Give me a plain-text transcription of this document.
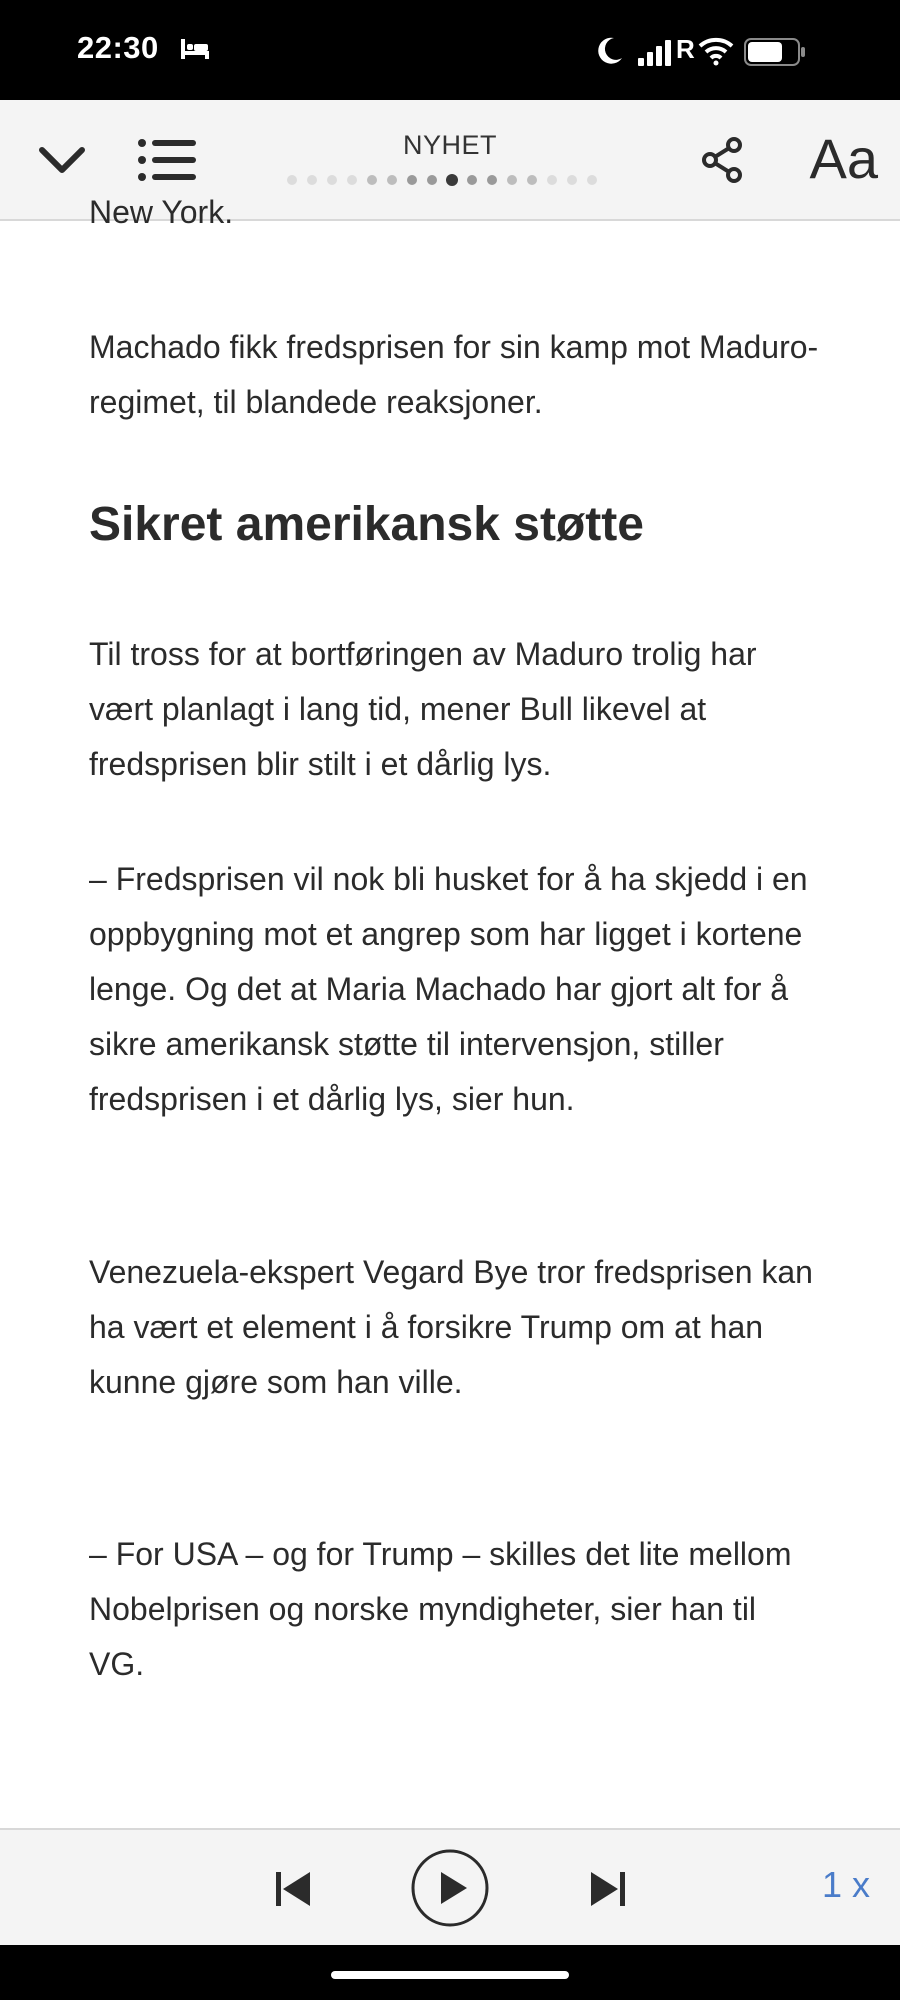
22:30	R
NYHET	Aa

New York.

Machado fikk fredsprisen for sin kamp mot Maduro-regimet, til blandede reaksjoner.

Sikret amerikansk støtte

Til tross for at bortføringen av Maduro trolig har vært planlagt i lang tid, mener Bull likevel at fredsprisen blir stilt i et dårlig lys.

– Fredsprisen vil nok bli husket for å ha skjedd i en oppbygning mot et angrep som har ligget i kortene lenge. Og det at Maria Machado har gjort alt for å sikre amerikansk støtte til intervensjon, stiller fredsprisen i et dårlig lys, sier hun.

Venezuela-ekspert Vegard Bye tror fredsprisen kan ha vært et element i å forsikre Trump om at han kunne gjøre som han ville.

– For USA – og for Trump – skilles det lite mellom Nobelprisen og norske myndigheter, sier han til VG.

1 x
